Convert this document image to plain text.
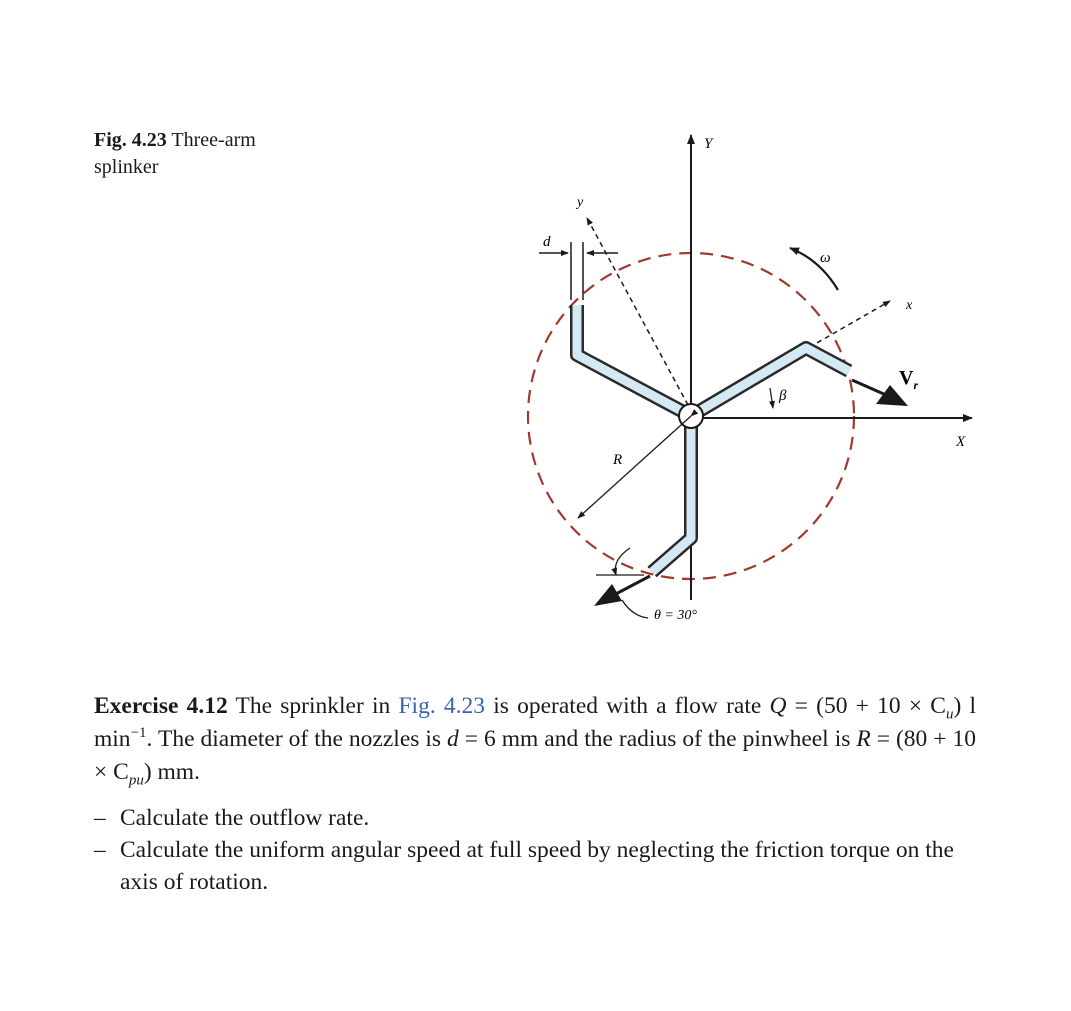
Fig. 4.23 Three-arm
splinker
Y
X
y
x
d
ω
$V_r$
β
R
θ = 30°
Exercise 4.12 The sprinkler in Fig. 4.23 is operated with a flow rate $Q = (50 + 10 \times C_u)$ l $\min^{-1}$. The diameter of the nozzles is d = 6 mm and the radius of the pinwheel is $R = (80 + 10 \times C_{pu})$ mm.
– Calculate the outflow rate.
– Calculate the uniform angular speed at full speed by neglecting the friction torque on the axis of rotation.
